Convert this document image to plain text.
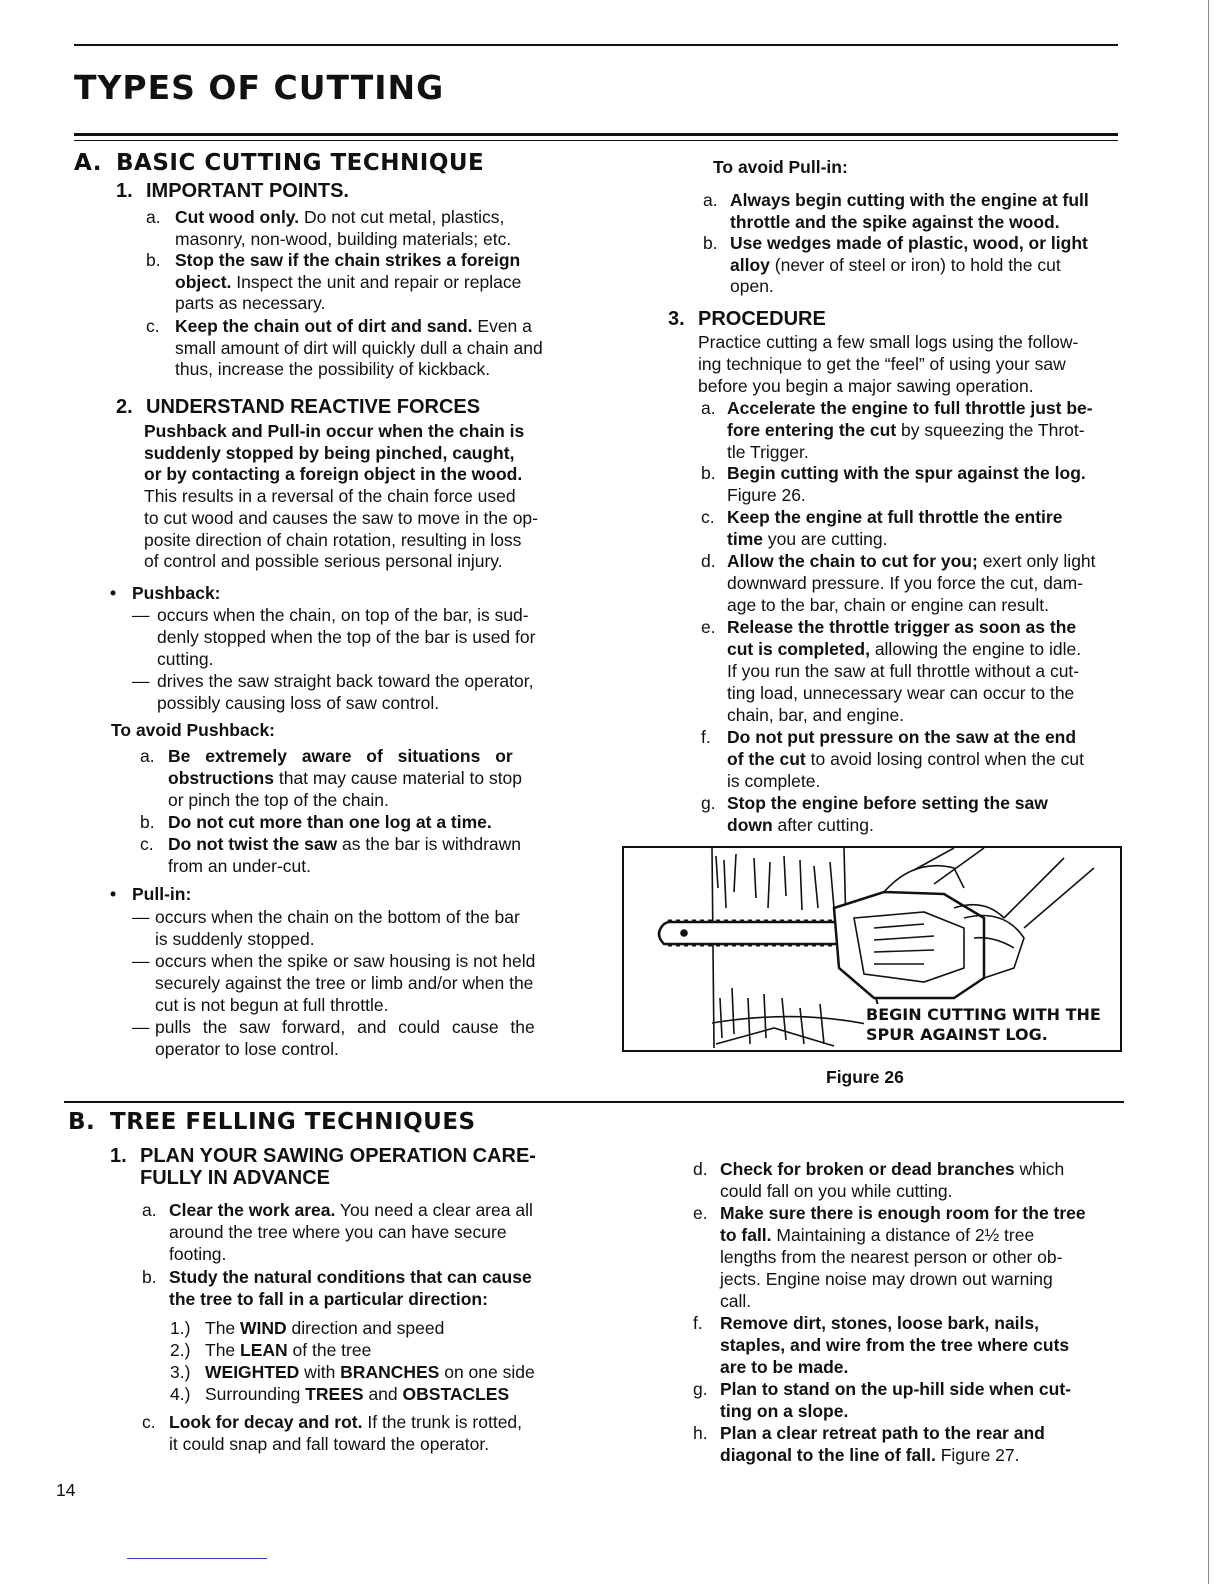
TYPES OF CUTTING
A. BASIC CUTTING TECHNIQUE
1. IMPORTANT POINTS.
a. Cut wood only. Do not cut metal, plastics,
masonry, non-wood, building materials; etc.
b. Stop the saw if the chain strikes a foreign
object. Inspect the unit and repair or replace
parts as necessary.
c. Keep the chain out of dirt and sand. Even a
small amount of dirt will quickly dull a chain and
thus, increase the possibility of kickback.
2. UNDERSTAND REACTIVE FORCES
Pushback and Pull-in occur when the chain is
suddenly stopped by being pinched, caught,
or by contacting a foreign object in the wood.
This results in a reversal of the chain force used
to cut wood and causes the saw to move in the op-
posite direction of chain rotation, resulting in loss
of control and possible serious personal injury.
• Pushback:
— occurs when the chain, on top of the bar, is sud-
denly stopped when the top of the bar is used for
cutting.
— drives the saw straight back toward the operator,
possibly causing loss of saw control.
To avoid Pushback:
a. Be extremely aware of situations or
obstructions that may cause material to stop
or pinch the top of the chain.
b. Do not cut more than one log at a time.
c. Do not twist the saw as the bar is withdrawn
from an under-cut.
• Pull-in:
— occurs when the chain on the bottom of the bar
is suddenly stopped.
— occurs when the spike or saw housing is not held
securely against the tree or limb and/or when the
cut is not begun at full throttle.
— pulls the saw forward, and could cause the
operator to lose control.
To avoid Pull-in:
a. Always begin cutting with the engine at full
throttle and the spike against the wood.
b. Use wedges made of plastic, wood, or light
alloy (never of steel or iron) to hold the cut
open.
3. PROCEDURE
Practice cutting a few small logs using the follow-
ing technique to get the “feel” of using your saw
before you begin a major sawing operation.
a. Accelerate the engine to full throttle just be-
fore entering the cut by squeezing the Throt-
tle Trigger.
b. Begin cutting with the spur against the log.
Figure 26.
c. Keep the engine at full throttle the entire
time you are cutting.
d. Allow the chain to cut for you; exert only light
downward pressure. If you force the cut, dam-
age to the bar, chain or engine can result.
e. Release the throttle trigger as soon as the
cut is completed, allowing the engine to idle.
If you run the saw at full throttle without a cut-
ting load, unnecessary wear can occur to the
chain, bar, and engine.
f. Do not put pressure on the saw at the end
of the cut to avoid losing control when the cut
is complete.
g. Stop the engine before setting the saw
down after cutting.
BEGIN CUTTING WITH THE
SPUR AGAINST LOG.
Figure 26
B. TREE FELLING TECHNIQUES
1. PLAN YOUR SAWING OPERATION CARE-
FULLY IN ADVANCE
a. Clear the work area. You need a clear area all
around the tree where you can have secure
footing.
b. Study the natural conditions that can cause
the tree to fall in a particular direction:
1.) The WIND direction and speed
2.) The LEAN of the tree
3.) WEIGHTED with BRANCHES on one side
4.) Surrounding TREES and OBSTACLES
c. Look for decay and rot. If the trunk is rotted,
it could snap and fall toward the operator.
d. Check for broken or dead branches which
could fall on you while cutting.
e. Make sure there is enough room for the tree
to fall. Maintaining a distance of 2½ tree
lengths from the nearest person or other ob-
jects. Engine noise may drown out warning
call.
f. Remove dirt, stones, loose bark, nails,
staples, and wire from the tree where cuts
are to be made.
g. Plan to stand on the up-hill side when cut-
ting on a slope.
h. Plan a clear retreat path to the rear and
diagonal to the line of fall. Figure 27.
14
